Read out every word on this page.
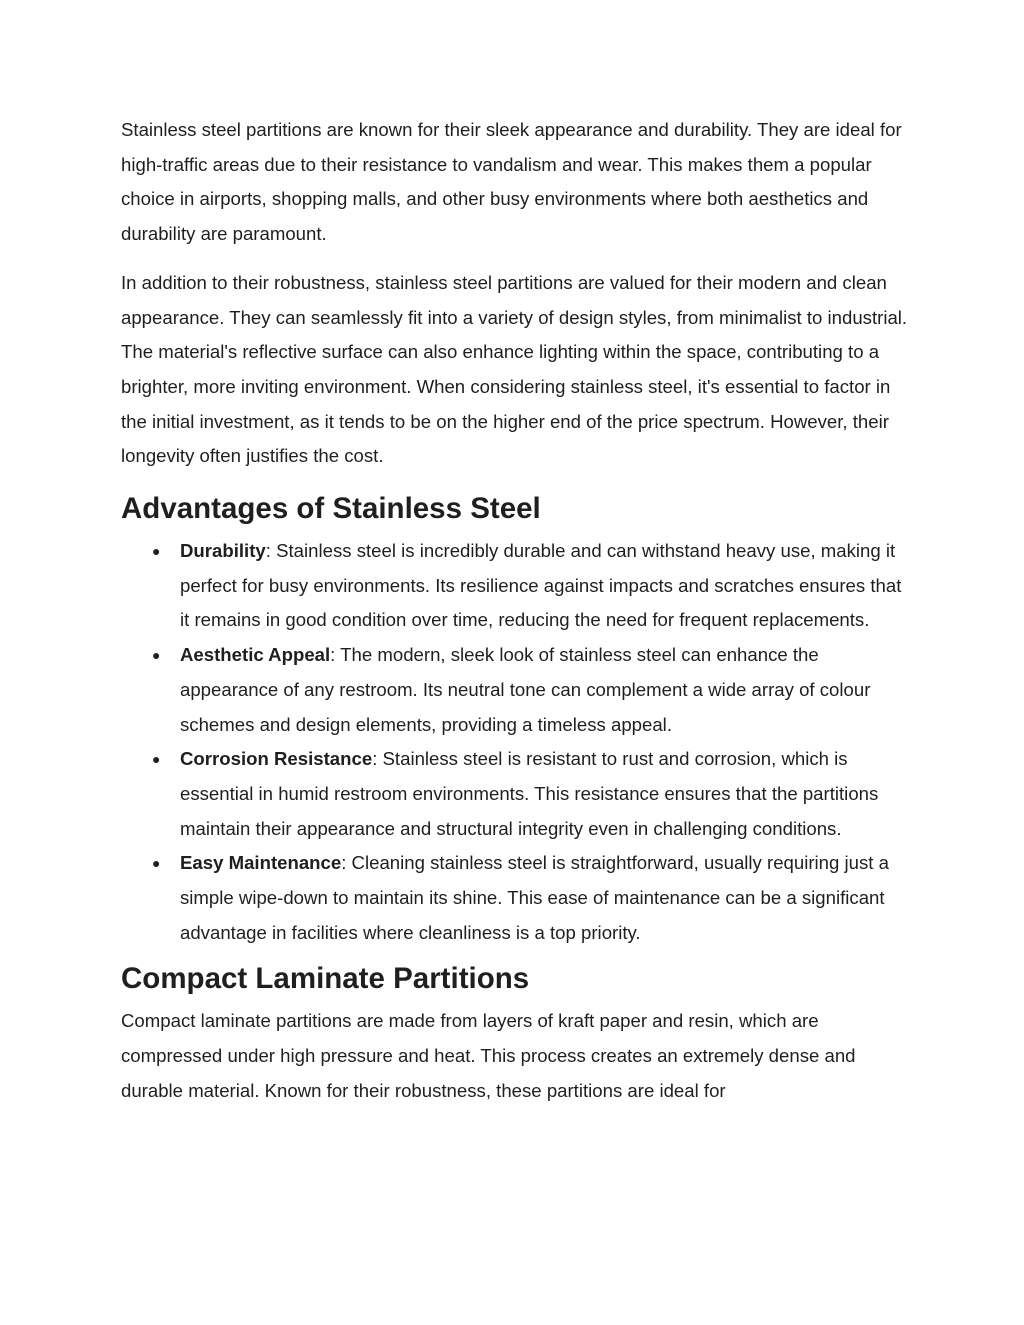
Stainless steel partitions are known for their sleek appearance and durability. They are ideal for high-traffic areas due to their resistance to vandalism and wear. This makes them a popular choice in airports, shopping malls, and other busy environments where both aesthetics and durability are paramount.

In addition to their robustness, stainless steel partitions are valued for their modern and clean appearance. They can seamlessly fit into a variety of design styles, from minimalist to industrial. The material's reflective surface can also enhance lighting within the space, contributing to a brighter, more inviting environment. When considering stainless steel, it's essential to factor in the initial investment, as it tends to be on the higher end of the price spectrum. However, their longevity often justifies the cost.

Advantages of Stainless Steel
● Durability: Stainless steel is incredibly durable and can withstand heavy use, making it perfect for busy environments. Its resilience against impacts and scratches ensures that it remains in good condition over time, reducing the need for frequent replacements.
● Aesthetic Appeal: The modern, sleek look of stainless steel can enhance the appearance of any restroom. Its neutral tone can complement a wide array of colour schemes and design elements, providing a timeless appeal.
● Corrosion Resistance: Stainless steel is resistant to rust and corrosion, which is essential in humid restroom environments. This resistance ensures that the partitions maintain their appearance and structural integrity even in challenging conditions.
● Easy Maintenance: Cleaning stainless steel is straightforward, usually requiring just a simple wipe-down to maintain its shine. This ease of maintenance can be a significant advantage in facilities where cleanliness is a top priority.
Compact Laminate Partitions

Compact laminate partitions are made from layers of kraft paper and resin, which are compressed under high pressure and heat. This process creates an extremely dense and durable material. Known for their robustness, these partitions are ideal for
